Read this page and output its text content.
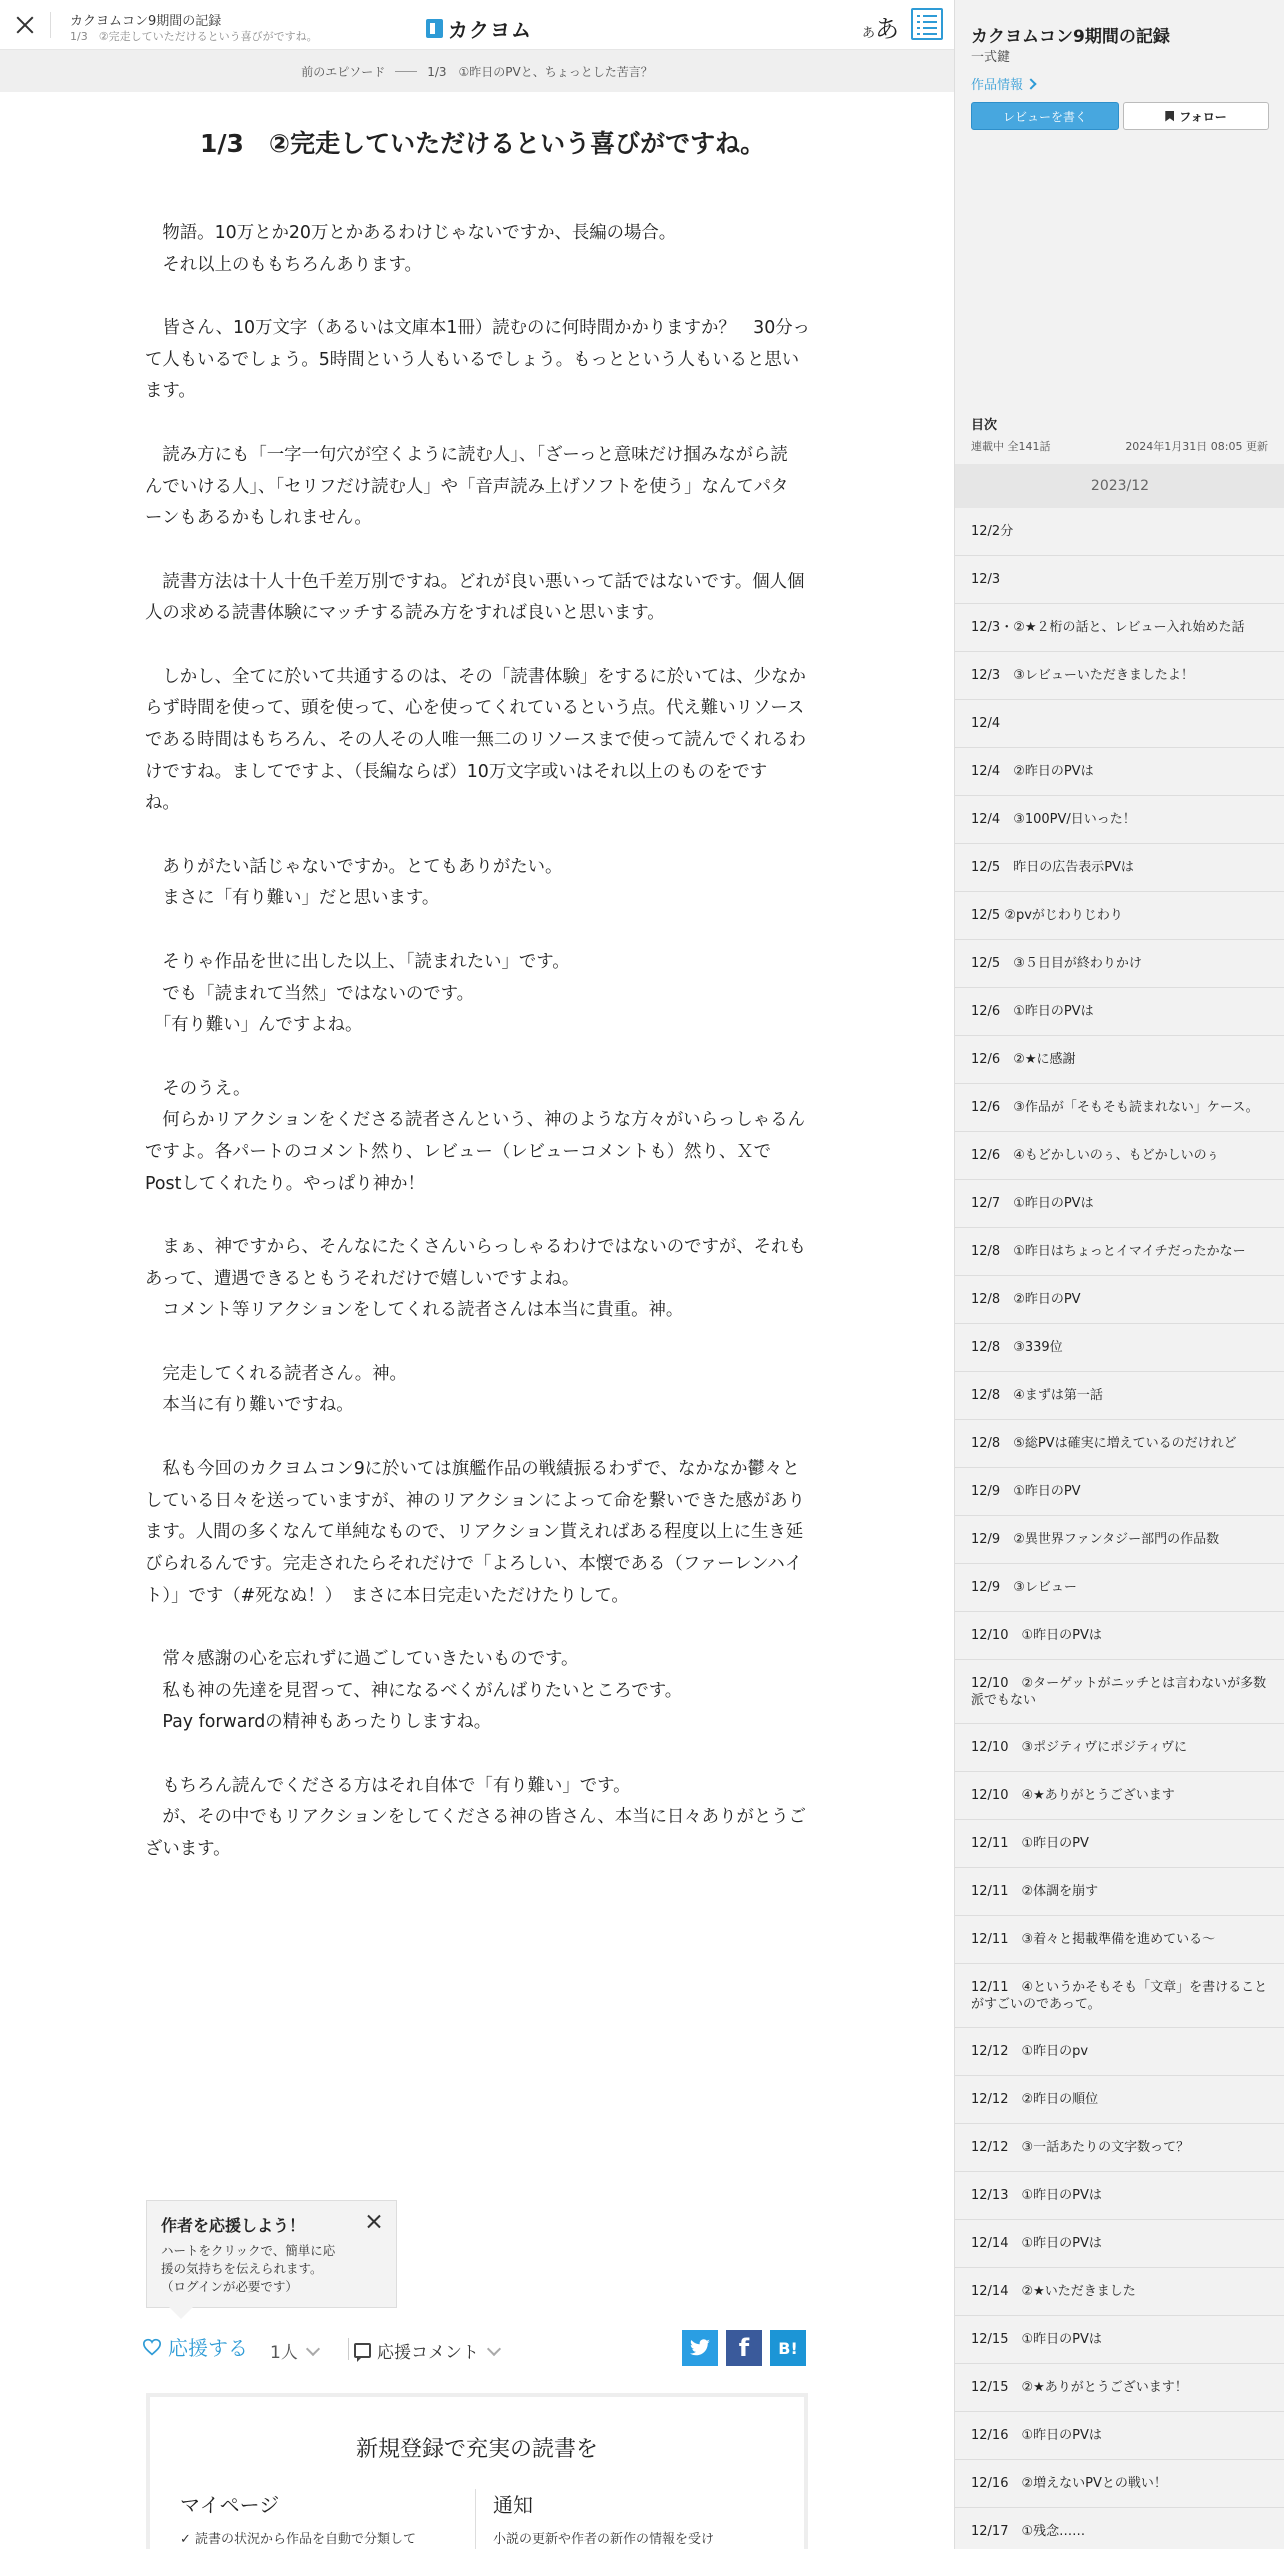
カクヨムコン9期間の記録
1/3　②完走していただけるという喜びがですね。	カクヨム	ああ
前のエピソード	1/3　①昨日のPVと、ちょっとした苦言？
1/3　②完走していただけるという喜びがですね。

　物語。10万とか20万とかあるわけじゃないですか、長編の場合。

　それ以上のももちろんあります。

　皆さん、10万文字（あるいは文庫本1冊）読むのに何時間かかりますか？　30分っ

て人もいるでしょう。5時間という人もいるでしょう。もっとという人もいると思い

ます。

　読み方にも「一字一句穴が空くように読む人」、「ざーっと意味だけ掴みながら読

んでいける人」、「セリフだけ読む人」や「音声読み上げソフトを使う」なんてパタ

ーンもあるかもしれません。

　読書方法は十人十色千差万別ですね。どれが良い悪いって話ではないです。個人個

人の求める読書体験にマッチする読み方をすれば良いと思います。

　しかし、全てに於いて共通するのは、その「読書体験」をするに於いては、少なか

らず時間を使って、頭を使って、心を使ってくれているという点。代え難いリソース

である時間はもちろん、その人その人唯一無二のリソースまで使って読んでくれるわ

けですね。ましてですよ、（長編ならば）10万文字或いはそれ以上のものをです

ね。

　ありがたい話じゃないですか。とてもありがたい。

　まさに「有り難い」だと思います。

　そりゃ作品を世に出した以上、「読まれたい」です。

　でも「読まれて当然」ではないのです。

　「有り難い」んですよね。

　そのうえ。

　何らかリアクションをくださる読者さんという、神のような方々がいらっしゃるん

ですよ。各パートのコメント然り、レビュー（レビューコメントも）然り、Ｘで

Postしてくれたり。やっぱり神か！

　まぁ、神ですから、そんなにたくさんいらっしゃるわけではないのですが、それも

あって、遭遇できるともうそれだけで嬉しいですよね。

　コメント等リアクションをしてくれる読者さんは本当に貴重。神。

　完走してくれる読者さん。神。

　本当に有り難いですね。

　私も今回のカクヨムコン9に於いては旗艦作品の戦績振るわずで、なかなか鬱々と

している日々を送っていますが、神のリアクションによって命を繋いできた感があり

ます。人間の多くなんて単純なもので、リアクション貰えればある程度以上に生き延

びられるんです。完走されたらそれだけで「よろしい、本懐である（ファーレンハイ

ト）」です（#死なぬ！）　まさに本日完走いただけたりして。

　常々感謝の心を忘れずに過ごしていきたいものです。

　私も神の先達を見習って、神になるべくがんばりたいところです。

　Pay forwardの精神もあったりしますね。

　もちろん読んでくださる方はそれ自体で「有り難い」です。

　が、その中でもリアクションをしてくださる神の皆さん、本当に日々ありがとうご

ざいます。

作者を応援しよう！
ハートをクリックで、簡単に応
援の気持ちを伝えられます。
（ログインが必要です）
応援する 1人	応援コメント	f	B!
新規登録で充実の読書を
マイページ
✓ 読書の状況から作品を自動で分類して
通知
小説の更新や作者の新作の情報を受け
カクヨムコン9期間の記録
一式鍵
作品情報
レビューを書く	フォロー
目次
連載中 全141話	2024年1月31日 08:05 更新
2023/12
12/2分
12/3
12/3・②★２桁の話と、レビュー入れ始めた話
12/3　③レビューいただきましたよ！
12/4
12/4　②昨日のPVは
12/4　③100PV/日いった！
12/5　昨日の広告表示PVは
12/5 ②pvがじわりじわり
12/5　③５日目が終わりかけ
12/6　①昨日のPVは
12/6　②★に感謝
12/6　③作品が「そもそも読まれない」ケース。
12/6　④もどかしいのぅ、もどかしいのぅ
12/7　①昨日のPVは
12/8　①昨日はちょっとイマイチだったかなー
12/8　②昨日のPV
12/8　③339位
12/8　④まずは第一話
12/8　⑤総PVは確実に増えているのだけれど
12/9　①昨日のPV
12/9　②異世界ファンタジー部門の作品数
12/9　③レビュー
12/10　①昨日のPVは
12/10　②ターゲットがニッチとは言わないが多数派でもない
12/10　③ポジティヴにポジティヴに
12/10　④★ありがとうございます
12/11　①昨日のPV
12/11　②体調を崩す
12/11　③着々と掲載準備を進めている〜
12/11　④というかそもそも「文章」を書けることがすごいのであって。
12/12　①昨日のpv
12/12　②昨日の順位
12/12　③一話あたりの文字数って？
12/13　①昨日のPVは
12/14　①昨日のPVは
12/14　②★いただきました
12/15　①昨日のPVは
12/15　②★ありがとうございます！
12/16　①昨日のPVは
12/16　②増えないPVとの戦い！
12/17　①残念……
